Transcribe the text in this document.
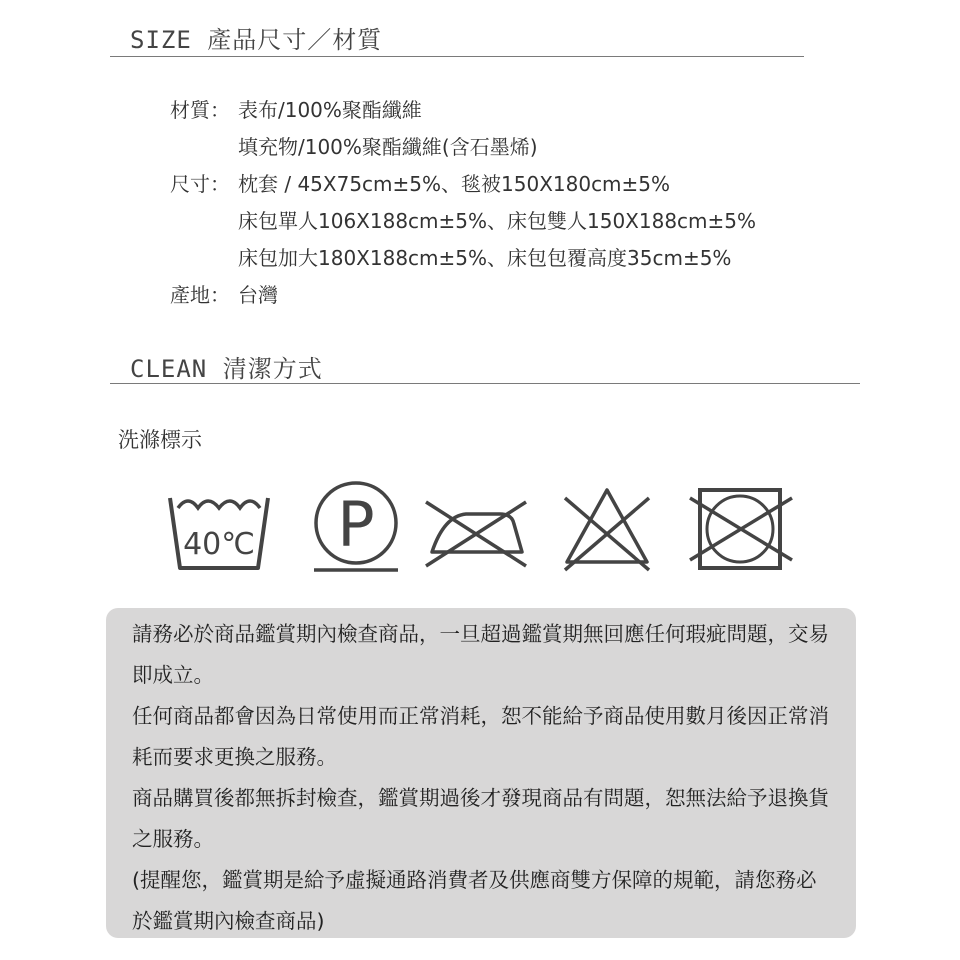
SIZE 產品尺寸／材質
材質： 表布/100%聚酯纖維
填充物/100%聚酯纖維(含石墨烯)
尺寸： 枕套 / 45X75cm±5%、毯被150X180cm±5%
床包單人106X188cm±5%、床包雙人150X188cm±5%
床包加大180X188cm±5%、床包包覆高度35cm±5%
產地： 台灣
CLEAN 清潔方式
洗滌標示
40℃ P

請務必於商品鑑賞期內檢查商品，一旦超過鑑賞期無回應任何瑕疵問題，交易即成立。

任何商品都會因為日常使用而正常消耗，恕不能給予商品使用數月後因正常消耗而要求更換之服務。

商品購買後都無拆封檢查，鑑賞期過後才發現商品有問題，恕無法給予退換貨之服務。

(提醒您，鑑賞期是給予虛擬通路消費者及供應商雙方保障的規範，請您務必於鑑賞期內檢查商品)
